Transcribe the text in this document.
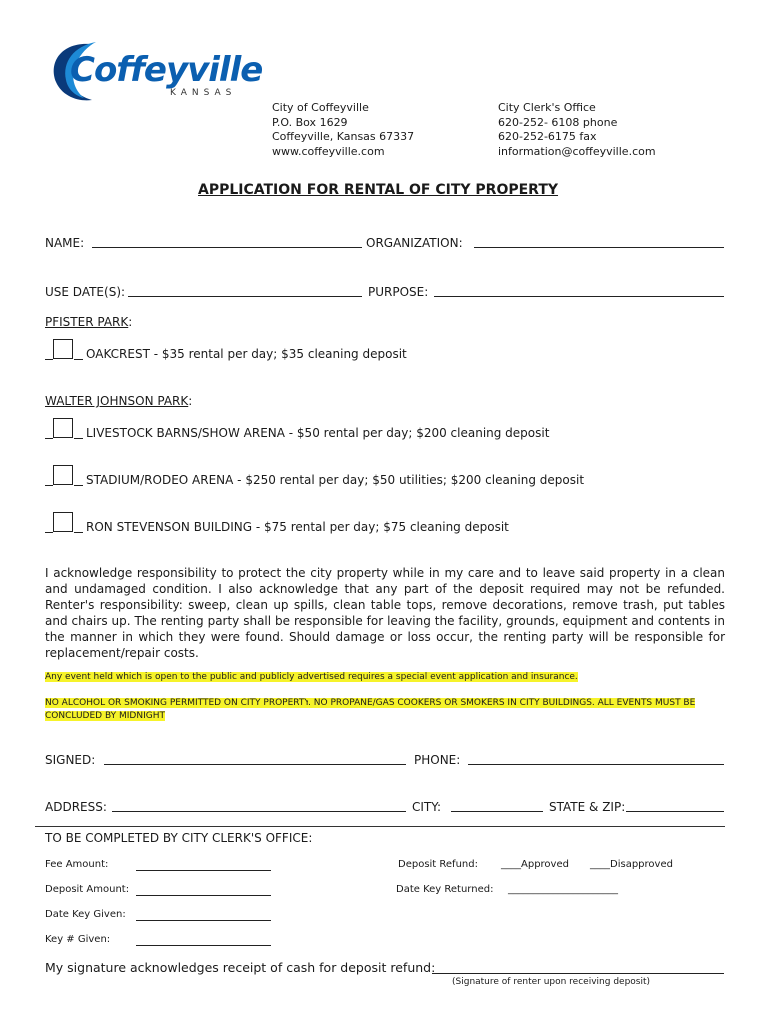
Coffeyville
KANSAS
City of Coffeyville
P.O. Box 1629
Coffeyville, Kansas 67337
www.coffeyville.com
City Clerk's Office
620-252- 6108 phone
620-252-6175 fax
information@coffeyville.com
APPLICATION FOR RENTAL OF CITY PROPERTY
NAME:	ORGANIZATION:
USE DATE(S):	PURPOSE:
PFISTER PARK:
OAKCREST - $35 rental per day; $35 cleaning deposit
WALTER JOHNSON PARK:
LIVESTOCK BARNS/SHOW ARENA - $50 rental per day; $200 cleaning deposit
STADIUM/RODEO ARENA - $250 rental per day; $50 utilities; $200 cleaning deposit
RON STEVENSON BUILDING - $75 rental per day; $75 cleaning deposit
I acknowledge responsibility to protect the city property while in my care and to leave said property in a clean and undamaged condition. I also acknowledge that any part of the deposit required may not be refunded. Renter's responsibility: sweep, clean up spills, clean table tops, remove decorations, remove trash, put tables and chairs up. The renting party shall be responsible for leaving the facility, grounds, equipment and contents in the manner in which they were found. Should damage or loss occur, the renting party will be responsible for replacement/repair costs.
Any event held which is open to the public and publicly advertised requires a special event application and insurance.
NO ALCOHOL OR SMOKING PERMITTED ON CITY PROPERTY. NO PROPANE/GAS COOKERS OR SMOKERS IN CITY BUILDINGS. ALL EVENTS MUST BE CONCLUDED BY MIDNIGHT
SIGNED:	PHONE:
ADDRESS:	CITY:	STATE & ZIP:
TO BE COMPLETED BY CITY CLERK'S OFFICE:
Fee Amount:
Deposit Amount:
Date Key Given:
Key # Given:
Deposit Refund: ____Approved ____Disapproved
Date Key Returned: ______________________
My signature acknowledges receipt of cash for deposit refund:
(Signature of renter upon receiving deposit)
